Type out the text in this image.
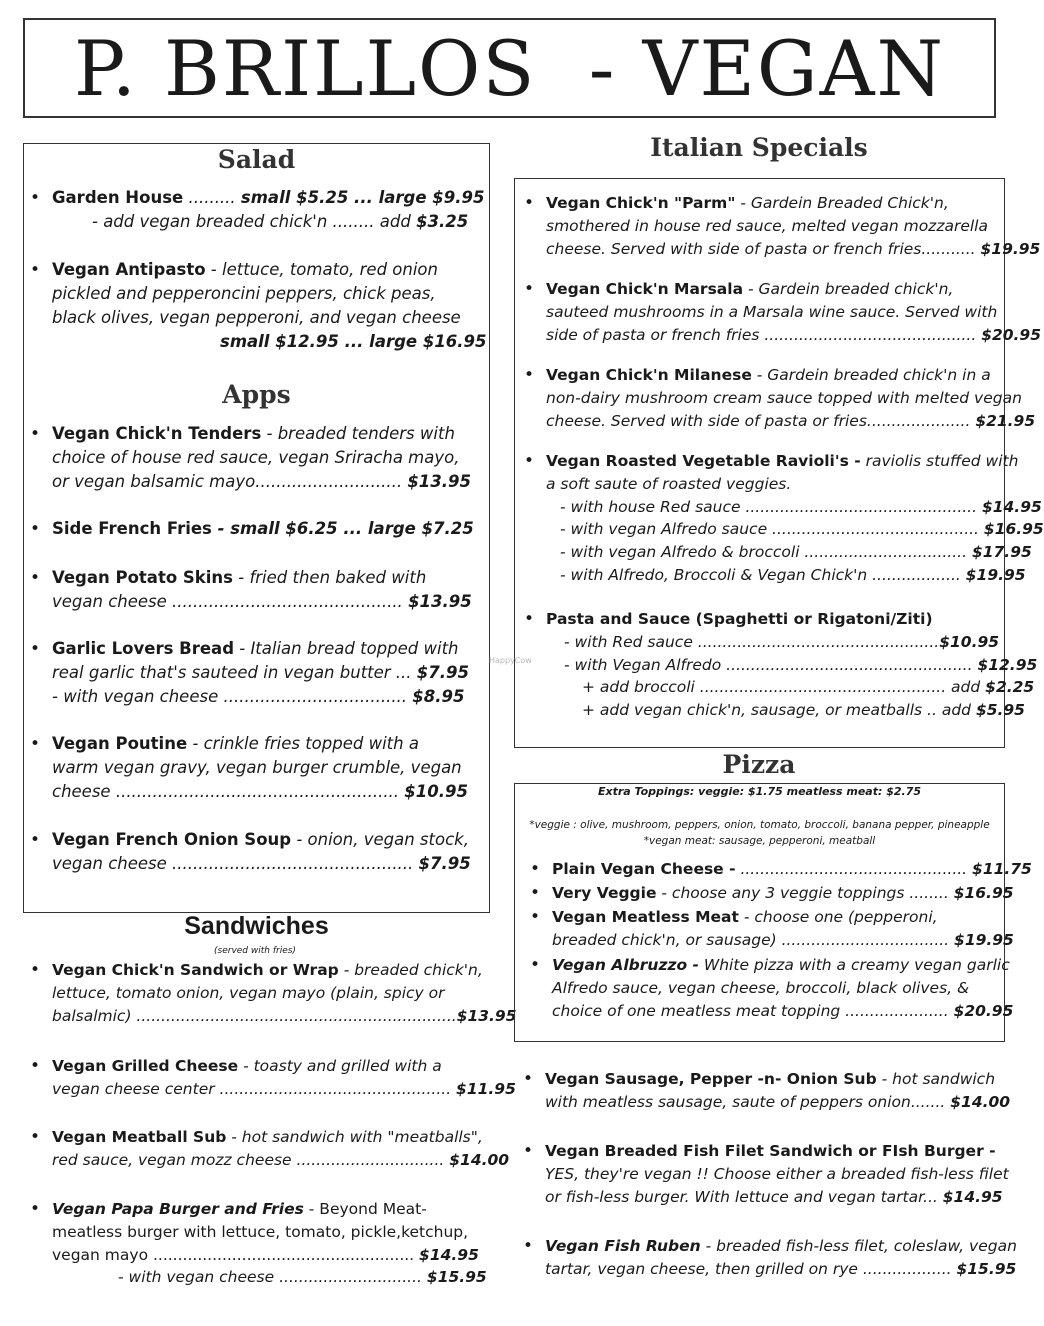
P. BRILLOS  - VEGAN
Salad
• Garden House ......... small $5.25 ... large $9.95
- add vegan breaded chick'n ........ add $3.25
• Vegan Antipasto - lettuce, tomato, red onion
pickled and pepperoncini peppers, chick peas,
black olives, vegan pepperoni, and vegan cheese
small $12.95 ... large $16.95
Apps
• Vegan Chick'n Tenders - breaded tenders with
choice of house red sauce, vegan Sriracha mayo,
or vegan balsamic mayo............................ $13.95
• Side French Fries - small $6.25 ... large $7.25
• Vegan Potato Skins - fried then baked with
vegan cheese ............................................ $13.95
• Garlic Lovers Bread - Italian bread topped with
real garlic that's sauteed in vegan butter ... $7.95
- with vegan cheese ................................... $8.95
• Vegan Poutine - crinkle fries topped with a
warm vegan gravy, vegan burger crumble, vegan
cheese ...................................................... $10.95
• Vegan French Onion Soup - onion, vegan stock,
vegan cheese .............................................. $7.95
Sandwiches
(served with fries)
• Vegan Chick'n Sandwich or Wrap - breaded chick'n,
lettuce, tomato onion, vegan mayo (plain, spicy or
balsalmic) .................................................................$13.95
• Vegan Grilled Cheese - toasty and grilled with a
vegan cheese center ............................................... $11.95
• Vegan Meatball Sub - hot sandwich with "meatballs",
red sauce, vegan mozz cheese .............................. $14.00
• Vegan Papa Burger and Fries - Beyond Meat-
meatless burger with lettuce, tomato, pickle,ketchup,
vegan mayo ..................................................... $14.95
- with vegan cheese ............................. $15.95
Italian Specials
• Vegan Chick'n "Parm" - Gardein Breaded Chick'n,
smothered in house red sauce, melted vegan mozzarella
cheese. Served with side of pasta or french fries........... $19.95
• Vegan Chick'n Marsala - Gardein breaded chick'n,
sauteed mushrooms in a Marsala wine sauce. Served with
side of pasta or french fries ........................................... $20.95
• Vegan Chick'n Milanese - Gardein breaded chick'n in a
non-dairy mushroom cream sauce topped with melted vegan
cheese. Served with side of pasta or fries..................... $21.95
• Vegan Roasted Vegetable Ravioli's - raviolis stuffed with
a soft saute of roasted veggies.
- with house Red sauce ............................................... $14.95
- with vegan Alfredo sauce .......................................... $16.95
- with vegan Alfredo & broccoli ................................. $17.95
- with Alfredo, Broccoli & Vegan Chick'n .................. $19.95
• Pasta and Sauce (Spaghetti or Rigatoni/Ziti)
- with Red sauce .................................................$10.95
- with Vegan Alfredo .................................................. $12.95
+ add broccoli .................................................. add $2.25
+ add vegan chick'n, sausage, or meatballs .. add $5.95
HappyCow
Pizza
Extra Toppings: veggie: $1.75 meatless meat: $2.75
*veggie : olive, mushroom, peppers, onion, tomato, broccoli, banana pepper, pineapple
*vegan meat: sausage, pepperoni, meatball
• Plain Vegan Cheese - .............................................. $11.75
• Very Veggie - choose any 3 veggie toppings ........ $16.95
• Vegan Meatless Meat - choose one (pepperoni,
breaded chick'n, or sausage) .................................. $19.95
• Vegan Albruzzo - White pizza with a creamy vegan garlic
Alfredo sauce, vegan cheese, broccoli, black olives, &
choice of one meatless meat topping ..................... $20.95
• Vegan Sausage, Pepper -n- Onion Sub - hot sandwich
with meatless sausage, saute of peppers onion....... $14.00
• Vegan Breaded Fish Filet Sandwich or FIsh Burger -
YES, they're vegan !! Choose either a breaded fish-less filet
or fish-less burger. With lettuce and vegan tartar... $14.95
• Vegan Fish Ruben - breaded fish-less filet, coleslaw, vegan
tartar, vegan cheese, then grilled on rye .................. $15.95
